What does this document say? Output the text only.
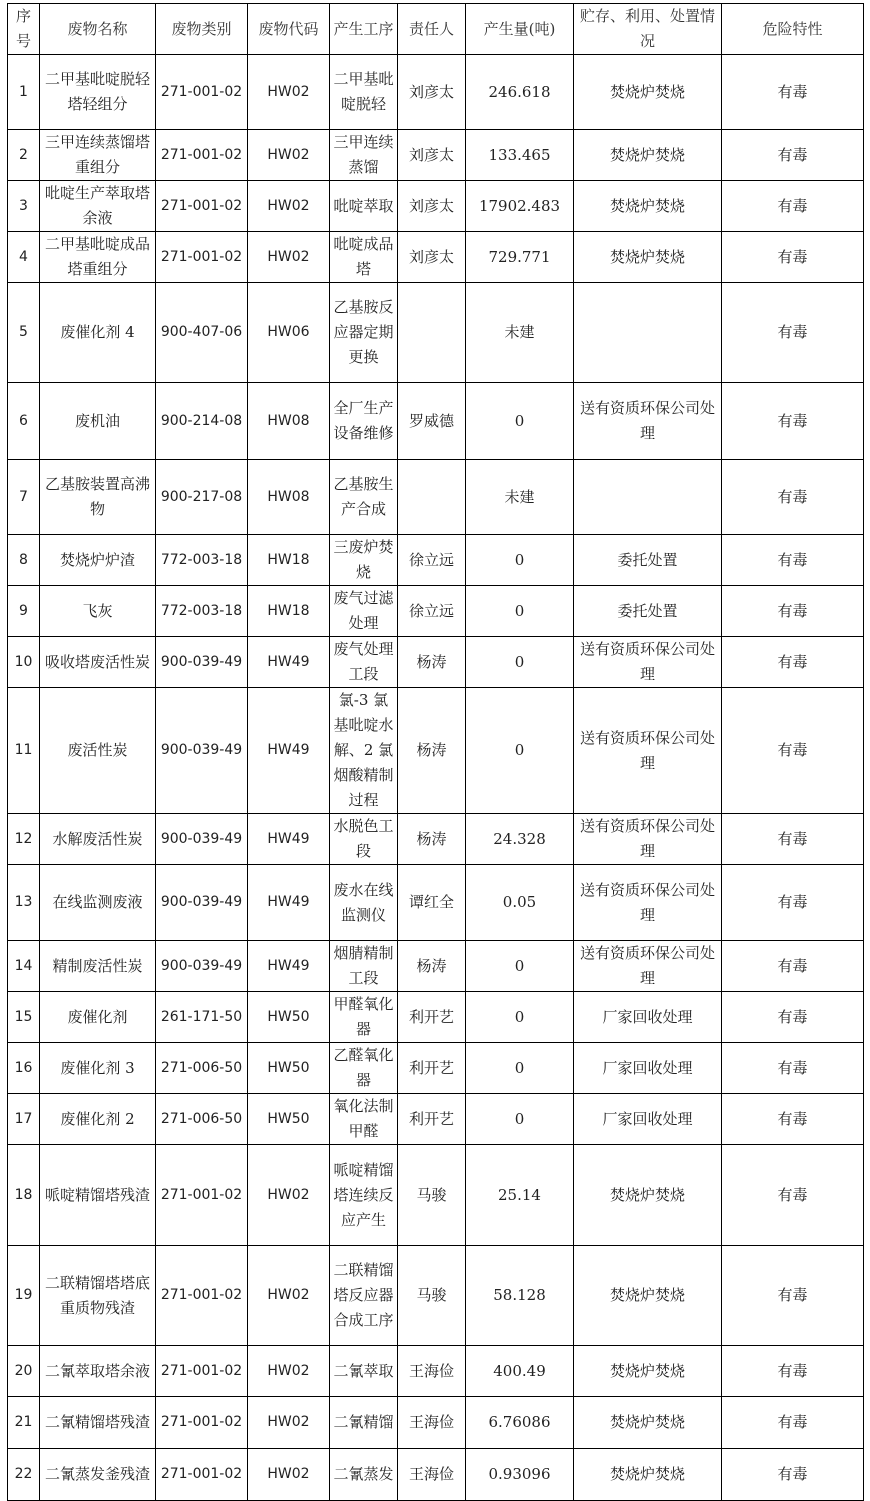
序号	废物名称	废物类别	废物代码	产生工序	责任人	产生量(吨)	贮存、利用、处置情况	危险特性
1	二甲基吡啶脱轻塔轻组分	271-001-02	HW02	二甲基吡啶脱轻	刘彦太	246.618	焚烧炉焚烧	有毒
2	三甲连续蒸馏塔重组分	271-001-02	HW02	三甲连续蒸馏	刘彦太	133.465	焚烧炉焚烧	有毒
3	吡啶生产萃取塔余液	271-001-02	HW02	吡啶萃取	刘彦太	17902.483	焚烧炉焚烧	有毒
4	二甲基吡啶成品塔重组分	271-001-02	HW02	吡啶成品塔	刘彦太	729.771	焚烧炉焚烧	有毒
5	废催化剂 4	900-407-06	HW06	乙基胺反应器定期更换		未建		有毒
6	废机油	900-214-08	HW08	全厂生产设备维修	罗威德	0	送有资质环保公司处理	有毒
7	乙基胺装置高沸物	900-217-08	HW08	乙基胺生产合成		未建		有毒
8	焚烧炉炉渣	772-003-18	HW18	三废炉焚烧	徐立远	0	委托处置	有毒
9	飞灰	772-003-18	HW18	废气过滤处理	徐立远	0	委托处置	有毒
10	吸收塔废活性炭	900-039-49	HW49	废气处理工段	杨涛	0	送有资质环保公司处理	有毒
11	废活性炭	900-039-49	HW49	氯-3 氯基吡啶水解、2 氯烟酸精制过程	杨涛	0	送有资质环保公司处理	有毒
12	水解废活性炭	900-039-49	HW49	水脱色工段	杨涛	24.328	送有资质环保公司处理	有毒
13	在线监测废液	900-039-49	HW49	废水在线监测仪	谭红全	0.05	送有资质环保公司处理	有毒
14	精制废活性炭	900-039-49	HW49	烟腈精制工段	杨涛	0	送有资质环保公司处理	有毒
15	废催化剂	261-171-50	HW50	甲醛氧化器	利开艺	0	厂家回收处理	有毒
16	废催化剂 3	271-006-50	HW50	乙醛氧化器	利开艺	0	厂家回收处理	有毒
17	废催化剂 2	271-006-50	HW50	氧化法制甲醛	利开艺	0	厂家回收处理	有毒
18	哌啶精馏塔残渣	271-001-02	HW02	哌啶精馏塔连续反应产生	马骏	25.14	焚烧炉焚烧	有毒
19	二联精馏塔塔底重质物残渣	271-001-02	HW02	二联精馏塔反应器合成工序	马骏	58.128	焚烧炉焚烧	有毒
20	二氰萃取塔余液	271-001-02	HW02	二氰萃取	王海俭	400.49	焚烧炉焚烧	有毒
21	二氰精馏塔残渣	271-001-02	HW02	二氰精馏	王海俭	6.76086	焚烧炉焚烧	有毒
22	二氰蒸发釜残渣	271-001-02	HW02	二氰蒸发	王海俭	0.93096	焚烧炉焚烧	有毒
